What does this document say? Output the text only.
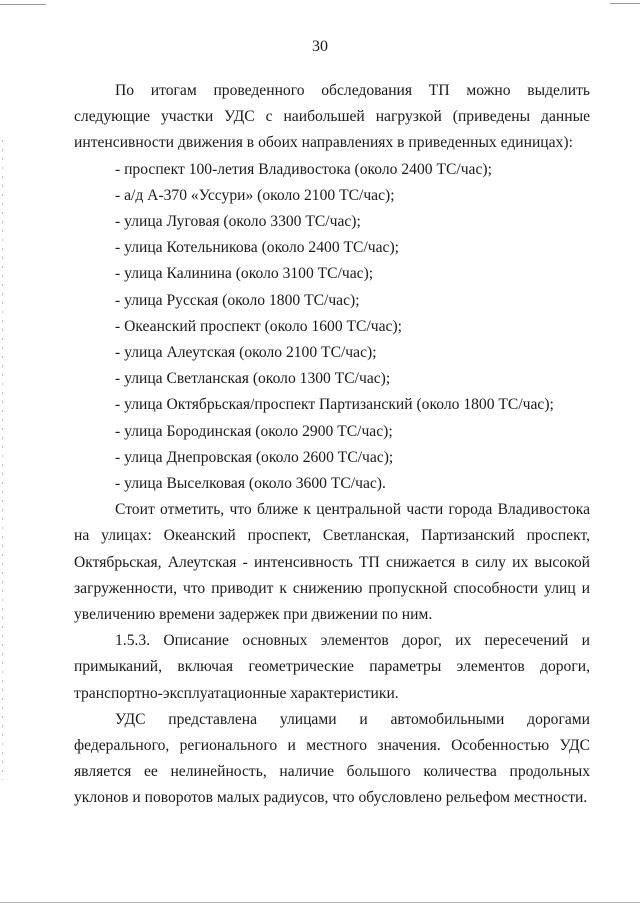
30

По итогам проведенного обследования ТП можно выделить следующие участки УДС с наибольшей нагрузкой (приведены данные интенсивности движения в обоих направлениях в приведенных единицах):

- проспект 100-летия Владивостока (около 2400 ТС/час);
- а/д А-370 «Уссури» (около 2100 ТС/час);
- улица Луговая (около 3300 ТС/час);
- улица Котельникова (около 2400 ТС/час);
- улица Калинина (около 3100 ТС/час);
- улица Русская (около 1800 ТС/час);
- Океанский проспект (около 1600 ТС/час);
- улица Алеутская (около 2100 ТС/час);
- улица Светланская (около 1300 ТС/час);
- улица Октябрьская/проспект Партизанский (около 1800 ТС/час);
- улица Бородинская (около 2900 ТС/час);
- улица Днепровская (около 2600 ТС/час);
- улица Выселковая (около 3600 ТС/час).

Стоит отметить, что ближе к центральной части города Владивостока на улицах: Океанский проспект, Светланская, Партизанский проспект, Октябрьская, Алеутская - интенсивность ТП снижается в силу их высокой загруженности, что приводит к снижению пропускной способности улиц и увеличению времени задержек при движении по ним.

1.5.3. Описание основных элементов дорог, их пересечений и примыканий, включая геометрические параметры элементов дороги, транспортно-эксплуатационные характеристики.

УДС представлена улицами и автомобильными дорогами федерального, регионального и местного значения. Особенностью УДС является ее нелинейность, наличие большого количества продольных уклонов и поворотов малых радиусов, что обусловлено рельефом местности.
